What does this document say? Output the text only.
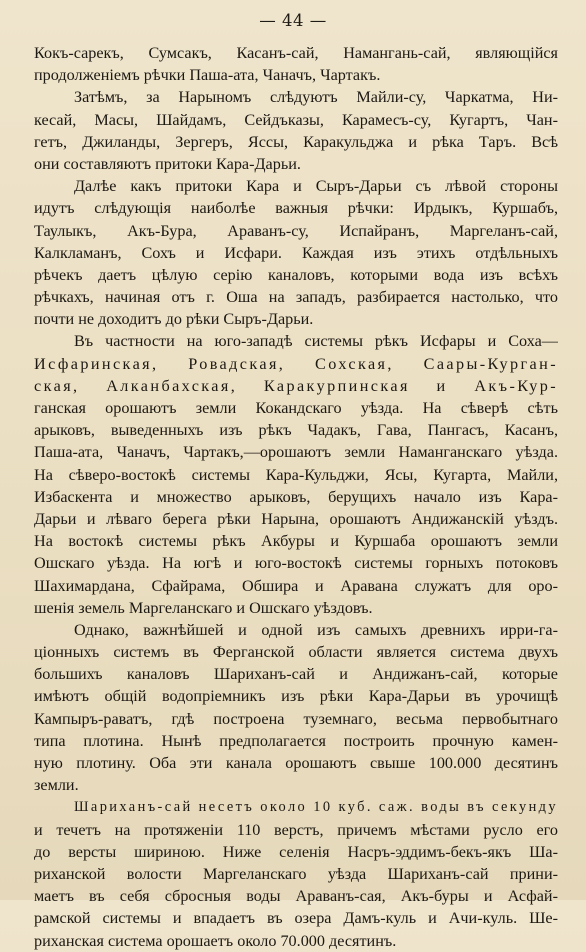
— 44 —
Кокъ-сарекъ, Сумсакъ, Касанъ-сай, Намангань-сай, являющійся
продолженіемъ рѣчки Паша-ата, Чаначъ, Чартакъ.
Затѣмъ, за Нарыномъ слѣдуютъ Майли-су, Чаркатма, Ни-
кесай, Масы, Шайдамъ, Сейдъказы, Карамесъ-су, Кугартъ, Чан-
гетъ, Джиланды, Зергеръ, Яссы, Каракульджа и рѣка Таръ. Всѣ
они составляютъ притоки Кара-Дарьи.
Далѣе какъ притоки Кара и Сыръ-Дарьи съ лѣвой стороны
идутъ слѣдующія наиболѣе важныя рѣчки: Ирдыкъ, Куршабъ,
Таулыкъ, Акъ-Бура, Араванъ-су, Испайранъ, Маргеланъ-сай,
Калкламанъ, Сохъ и Исфари. Каждая изъ этихъ отдѣльныхъ
рѣчекъ даетъ цѣлую серію каналовъ, которыми вода изъ всѣхъ
рѣчкахъ, начиная отъ г. Оша на западъ, разбирается настолько, что
почти не доходитъ до рѣки Сыръ-Дарьи.
Въ частности на юго-западѣ системы рѣкъ Исфары и Соха—
Исфаринская, Ровадская, Сохская, Саары-Курган-
ская, Алканбахская, Каракурпинская и Акъ-Кур-
ганская орошаютъ земли Кокандскаго уѣзда. На сѣверѣ сѣть
арыковъ, выведенныхъ изъ рѣкъ Чадакъ, Гава, Пангасъ, Касанъ,
Паша-ата, Чаначъ, Чартакъ,—орошаютъ земли Наманганскаго уѣзда.
На сѣверо-востокѣ системы Кара-Кульджи, Ясы, Кугарта, Майли,
Избаскента и множество арыковъ, берущихъ начало изъ Кара-
Дарьи и лѣваго берега рѣки Нарына, орошаютъ Андижанскій уѣздъ.
На востокѣ системы рѣкъ Акбуры и Куршаба орошаютъ земли
Ошскаго уѣзда. На югѣ и юго-востокѣ системы горныхъ потоковъ
Шахимардана, Сфайрама, Обшира и Аравана служатъ для оро-
шенія земель Маргеланскаго и Ошскаго уѣздовъ.
Однако, важнѣйшей и одной изъ самыхъ древнихъ ирри-га-
ціонныхъ системъ въ Ферганской области является система двухъ
большихъ каналовъ Шариханъ-сай и Андижанъ-сай, которые
имѣютъ общій водопріемникъ изъ рѣки Кара-Дарьи въ урочищѣ
Кампыръ-раватъ, гдѣ построена туземнагo, весьма первобытнаго
типа плотина. Нынѣ предполагается построить прочную камен-
ную плотину. Оба эти канала орошаютъ свыше 100.000 десятинъ
земли.
Шариханъ-сай несетъ около 10 куб. саж. воды въ секунду
и течетъ на протяженіи 110 верстъ, причемъ мѣстами русло его
до версты шириною. Ниже селенія Насръ-эддимъ-бекъ-якъ Ша-
риханской волости Маргеланскаго уѣзда Шариханъ-сай прини-
маетъ въ себя сбросныя воды Араванъ-сая, Акъ-буры и Асфай-
рамской системы и впадаетъ въ озера Дамъ-куль и Ачи-куль. Ше-
риханская система орошаетъ около 70.000 десятинъ.
